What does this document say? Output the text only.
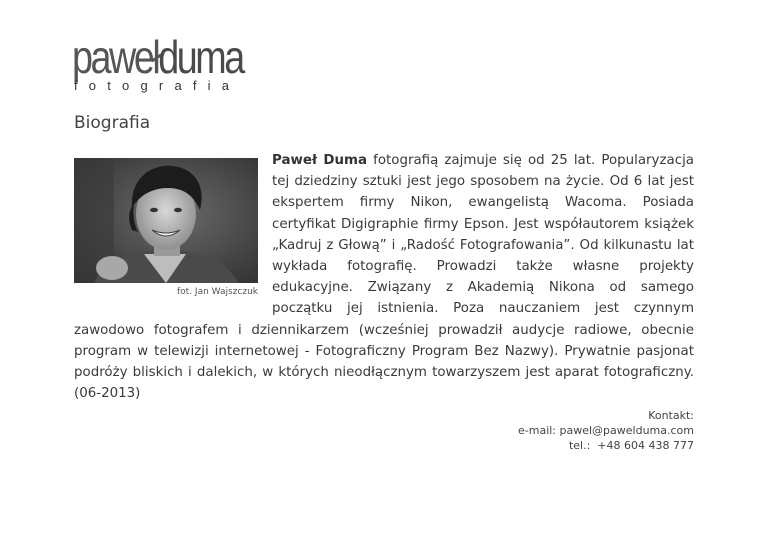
pawełduma
fotografia
Biografia
fot. Jan Wajszczuk
Paweł Duma fotografią zajmuje się od 25 lat. Popularyzacja tej dziedziny sztuki jest jego sposobem na życie. Od 6 lat jest ekspertem firmy Nikon, ewangelistą Wacoma. Posiada certyfikat Digigraphie firmy Epson. Jest współautorem książek „Kadruj z Głową” i „Radość Fotografowania”. Od kilkunastu lat wykłada fotografię. Prowadzi także własne projekty edukacyjne. Związany z Akademią Nikona od samego początku jej istnienia. Poza nauczaniem jest czynnym zawodowo fotografem i dziennikarzem (wcześniej prowadził audycje radiowe, obecnie program w telewizji internetowej - Fotograficzny Program Bez Nazwy). Prywatnie pasjonat podróży bliskich i dalekich, w których nieodłącznym towarzyszem jest aparat fotograficzny. (06-2013)
Kontakt:
e-mail: pawel@pawelduma.com
tel.:  +48 604 438 777
